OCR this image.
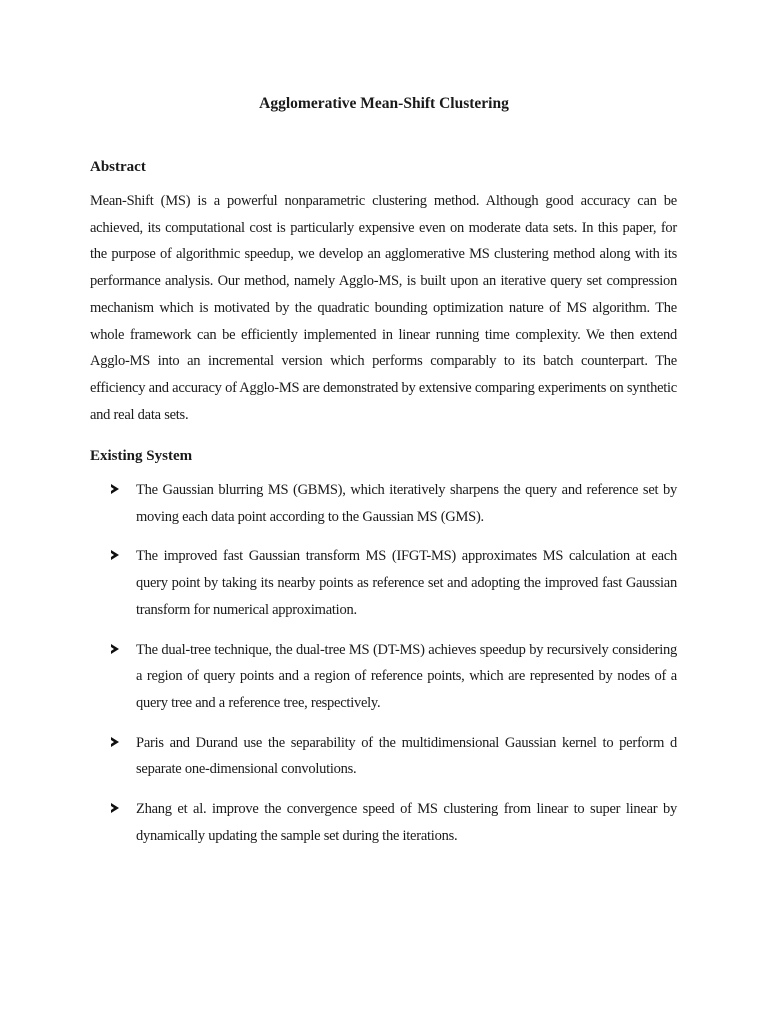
Agglomerative Mean-Shift Clustering
Abstract

Mean-Shift (MS) is a powerful nonparametric clustering method. Although good accuracy can be achieved, its computational cost is particularly expensive even on moderate data sets. In this paper, for the purpose of algorithmic speedup, we develop an agglomerative MS clustering method along with its performance analysis. Our method, namely Agglo-MS, is built upon an iterative query set compression mechanism which is motivated by the quadratic bounding optimization nature of MS algorithm. The whole framework can be efficiently implemented in linear running time complexity. We then extend Agglo-MS into an incremental version which performs comparably to its batch counterpart. The efficiency and accuracy of Agglo-MS are demonstrated by extensive comparing experiments on synthetic and real data sets.

Existing System
The Gaussian blurring MS (GBMS), which iteratively sharpens the query and reference set by moving each data point according to the Gaussian MS (GMS).
The improved fast Gaussian transform MS (IFGT-MS) approximates MS calculation at each query point by taking its nearby points as reference set and adopting the improved fast Gaussian transform for numerical approximation.
The dual-tree technique, the dual-tree MS (DT-MS) achieves speedup by recursively considering a region of query points and a region of reference points, which are represented by nodes of a query tree and a reference tree, respectively.
Paris and Durand use the separability of the multidimensional Gaussian kernel to perform d separate one-dimensional convolutions.
Zhang et al. improve the convergence speed of MS clustering from linear to super linear by dynamically updating the sample set during the iterations.
